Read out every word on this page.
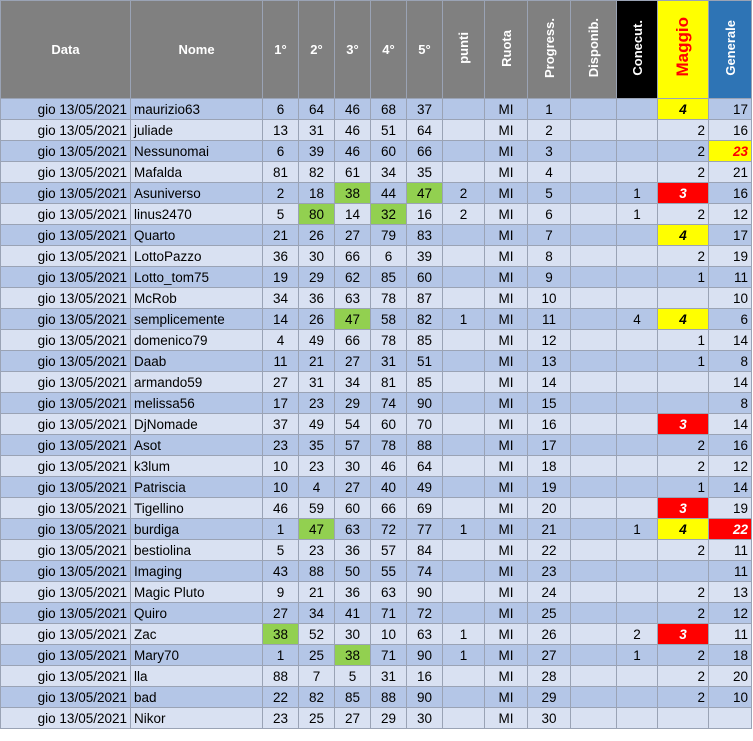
Data	Nome	1°	2°	3°	4°	5°	punti	Ruota	Progress.	Disponib.	Conecut.	Maggio	Generale
gio 13/05/2021	maurizio63	6	64	46	68	37		MI	1			4	17
gio 13/05/2021	juliade	13	31	46	51	64		MI	2			2	16
gio 13/05/2021	Nessunomai	6	39	46	60	66		MI	3			2	23
gio 13/05/2021	Mafalda	81	82	61	34	35		MI	4			2	21
gio 13/05/2021	Asuniverso	2	18	38	44	47	2	MI	5		1	3	16
gio 13/05/2021	linus2470	5	80	14	32	16	2	MI	6		1	2	12
gio 13/05/2021	Quarto	21	26	27	79	83		MI	7			4	17
gio 13/05/2021	LottoPazzo	36	30	66	6	39		MI	8			2	19
gio 13/05/2021	Lotto_tom75	19	29	62	85	60		MI	9			1	11
gio 13/05/2021	McRob	34	36	63	78	87		MI	10				10
gio 13/05/2021	semplicemente	14	26	47	58	82	1	MI	11		4	4	6
gio 13/05/2021	domenico79	4	49	66	78	85		MI	12			1	14
gio 13/05/2021	Daab	11	21	27	31	51		MI	13			1	8
gio 13/05/2021	armando59	27	31	34	81	85		MI	14				14
gio 13/05/2021	melissa56	17	23	29	74	90		MI	15				8
gio 13/05/2021	DjNomade	37	49	54	60	70		MI	16			3	14
gio 13/05/2021	Asot	23	35	57	78	88		MI	17			2	16
gio 13/05/2021	k3lum	10	23	30	46	64		MI	18			2	12
gio 13/05/2021	Patriscia	10	4	27	40	49		MI	19			1	14
gio 13/05/2021	Tigellino	46	59	60	66	69		MI	20			3	19
gio 13/05/2021	burdiga	1	47	63	72	77	1	MI	21		1	4	22
gio 13/05/2021	bestiolina	5	23	36	57	84		MI	22			2	11
gio 13/05/2021	Imaging	43	88	50	55	74		MI	23				11
gio 13/05/2021	Magic Pluto	9	21	36	63	90		MI	24			2	13
gio 13/05/2021	Quiro	27	34	41	71	72		MI	25			2	12
gio 13/05/2021	Zac	38	52	30	10	63	1	MI	26		2	3	11
gio 13/05/2021	Mary70	1	25	38	71	90	1	MI	27		1	2	18
gio 13/05/2021	lla	88	7	5	31	16		MI	28			2	20
gio 13/05/2021	bad	22	82	85	88	90		MI	29			2	10
gio 13/05/2021	Nikor	23	25	27	29	30		MI	30				
